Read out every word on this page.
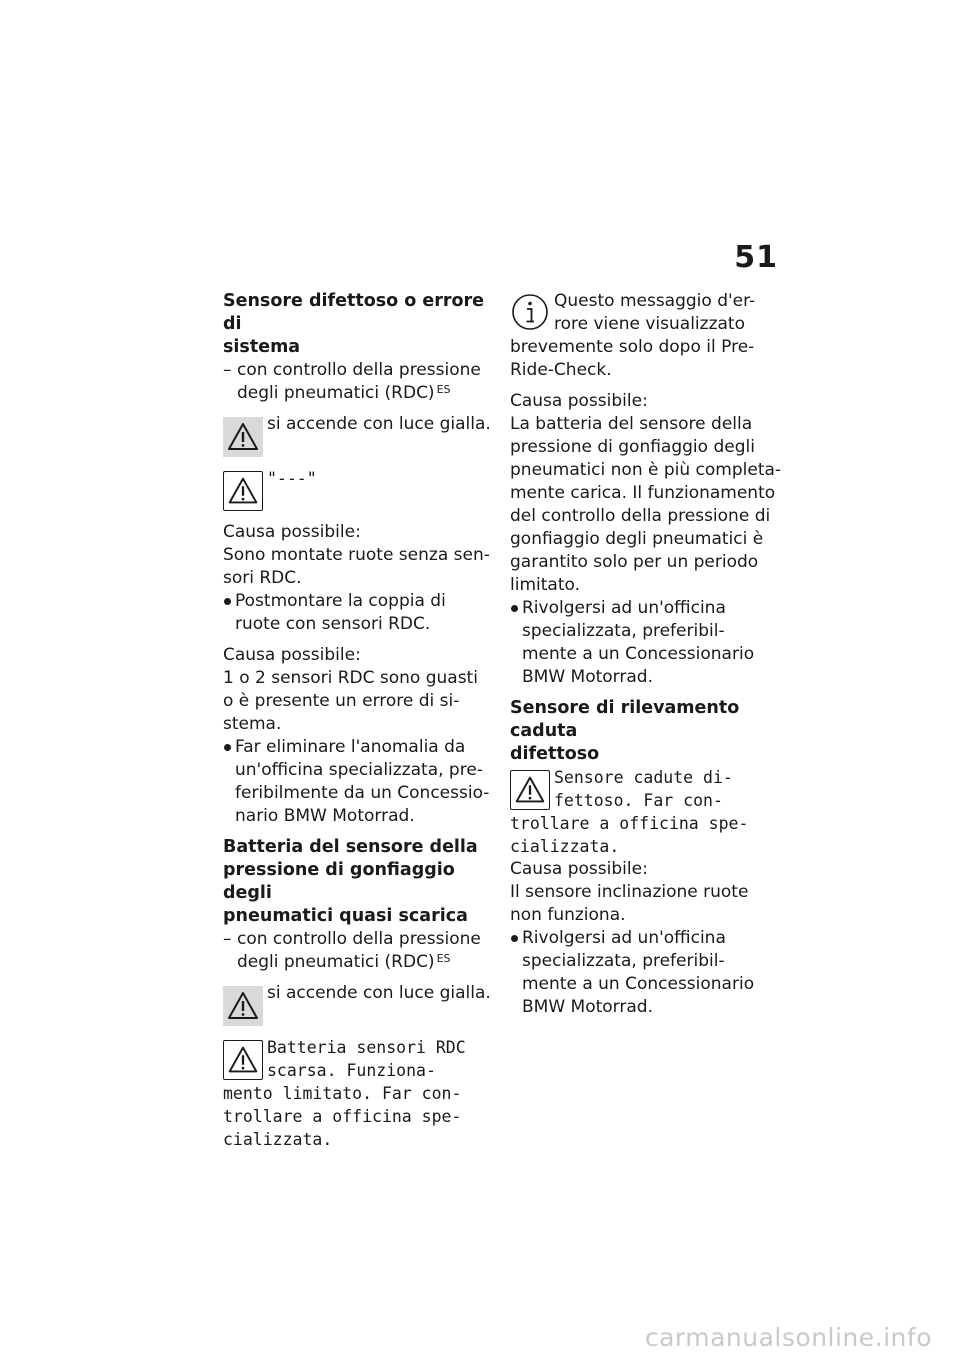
51
Sensore difettoso o errore di
sistema
– con controllo della pressione
degli pneumatici (RDC) $^{ES}$
si accende con luce gialla.
"---"
Causa possibile:
Sono montate ruote senza sen-
sori RDC.
Postmontare la coppia di
ruote con sensori RDC.
Causa possibile:
1 o 2 sensori RDC sono guasti
o è presente un errore di si-
stema.
Far eliminare l'anomalia da
un'officina specializzata, pre-
feribilmente da un Concessio-
nario BMW Motorrad.
Batteria del sensore della
pressione di gonfiaggio degli
pneumatici quasi scarica
– con controllo della pressione
degli pneumatici (RDC) $^{ES}$
si accende con luce gialla.
Batteria sensori RDC
scarsa. Funziona-
mento limitato. Far con-
trollare a officina spe-
cializzata.
Questo messaggio d'er-
rore viene visualizzato
brevemente solo dopo il Pre-
Ride-Check.
Causa possibile:
La batteria del sensore della
pressione di gonfiaggio degli
pneumatici non è più completa-
mente carica. Il funzionamento
del controllo della pressione di
gonfiaggio degli pneumatici è
garantito solo per un periodo
limitato.
Rivolgersi ad un'officina
specializzata, preferibil-
mente a un Concessionario
BMW Motorrad.
Sensore di rilevamento caduta
difettoso
Sensore cadute di-
fettoso. Far con-
trollare a officina spe-
cializzata.
Causa possibile:
Il sensore inclinazione ruote
non funziona.
Rivolgersi ad un'officina
specializzata, preferibil-
mente a un Concessionario
BMW Motorrad.
carmanualsonline.info
